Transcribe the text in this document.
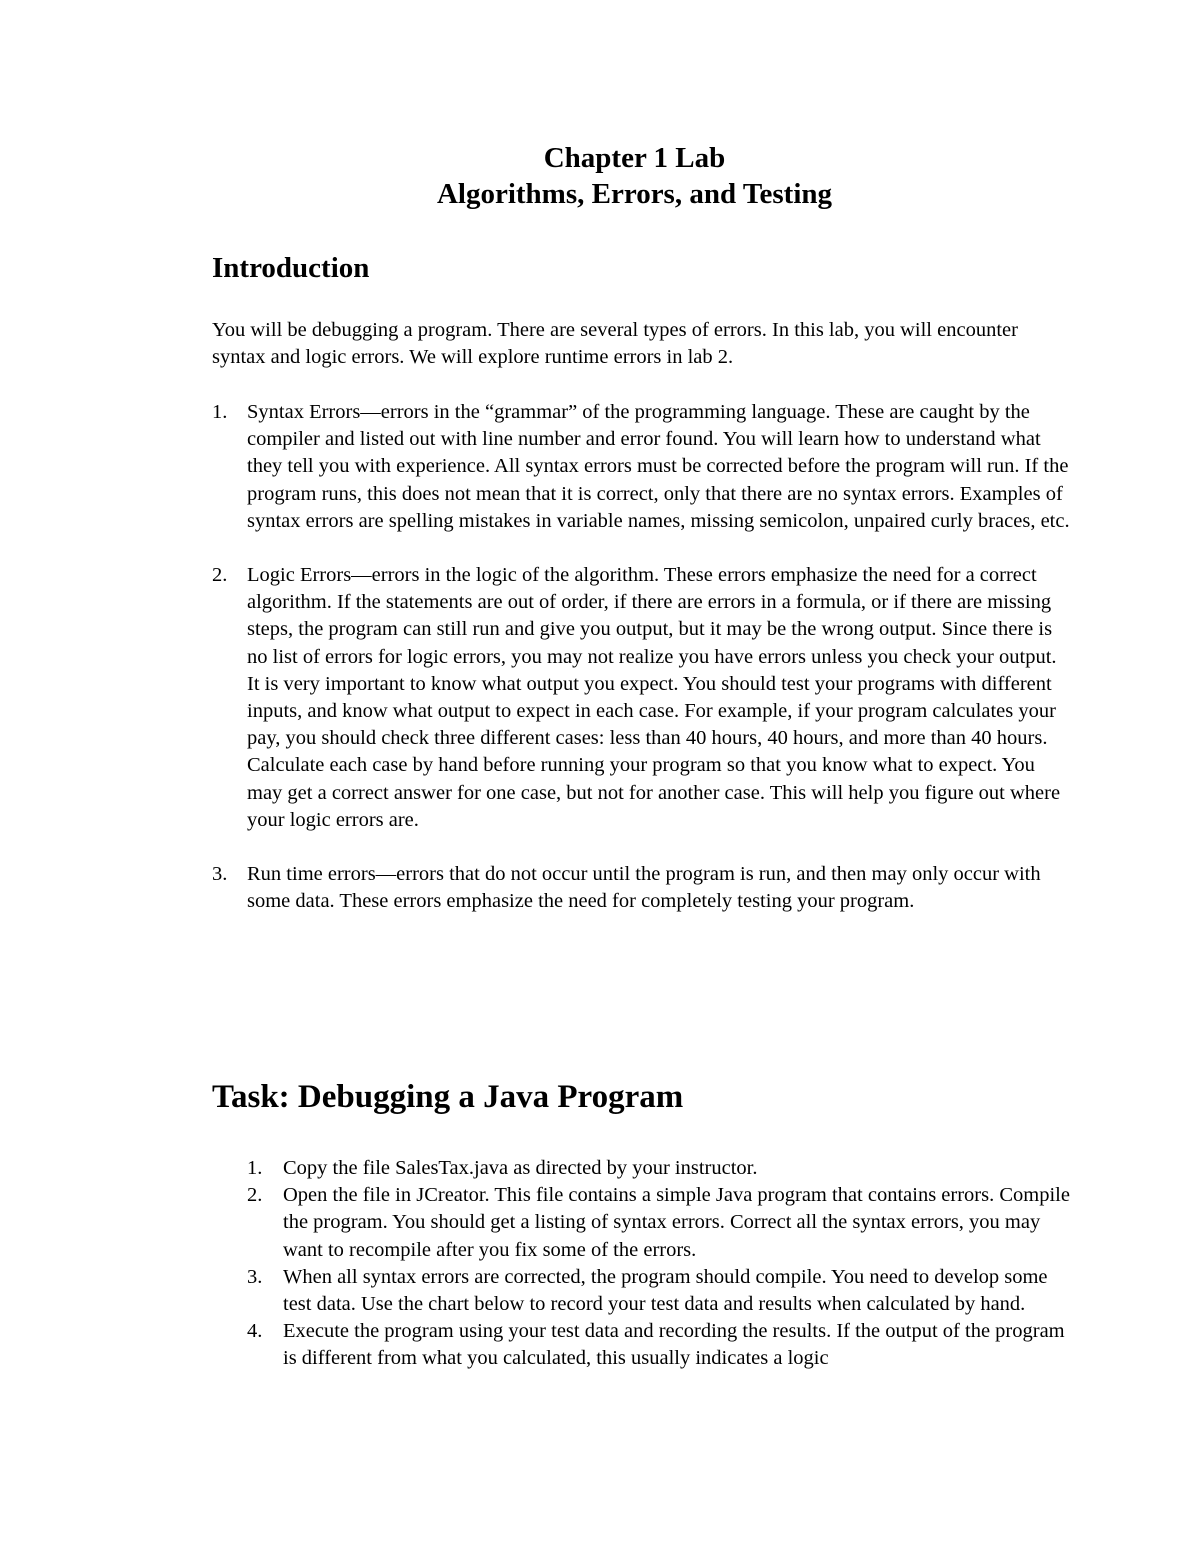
Chapter 1 Lab
Algorithms, Errors, and Testing
Introduction

You will be debugging a program. There are several types of errors. In this lab, you will encounter syntax and logic errors. We will explore runtime errors in lab 2.

1. Syntax Errors—errors in the “grammar” of the programming language. These are caught by the compiler and listed out with line number and error found. You will learn how to understand what they tell you with experience. All syntax errors must be corrected before the program will run. If the program runs, this does not mean that it is correct, only that there are no syntax errors. Examples of syntax errors are spelling mistakes in variable names, missing semicolon, unpaired curly braces, etc.
2. Logic Errors—errors in the logic of the algorithm. These errors emphasize the need for a correct algorithm. If the statements are out of order, if there are errors in a formula, or if there are missing steps, the program can still run and give you output, but it may be the wrong output. Since there is no list of errors for logic errors, you may not realize you have errors unless you check your output. It is very important to know what output you expect. You should test your programs with different inputs, and know what output to expect in each case. For example, if your program calculates your pay, you should check three different cases: less than 40 hours, 40 hours, and more than 40 hours. Calculate each case by hand before running your program so that you know what to expect. You may get a correct answer for one case, but not for another case. This will help you figure out where your logic errors are.
3. Run time errors—errors that do not occur until the program is run, and then may only occur with some data. These errors emphasize the need for completely testing your program.
Task: Debugging a Java Program
1. Copy the file SalesTax.java as directed by your instructor.
2. Open the file in JCreator. This file contains a simple Java program that contains errors. Compile the program. You should get a listing of syntax errors. Correct all the syntax errors, you may want to recompile after you fix some of the errors.
3. When all syntax errors are corrected, the program should compile. You need to develop some test data. Use the chart below to record your test data and results when calculated by hand.
4. Execute the program using your test data and recording the results. If the output of the program is different from what you calculated, this usually indicates a logic
